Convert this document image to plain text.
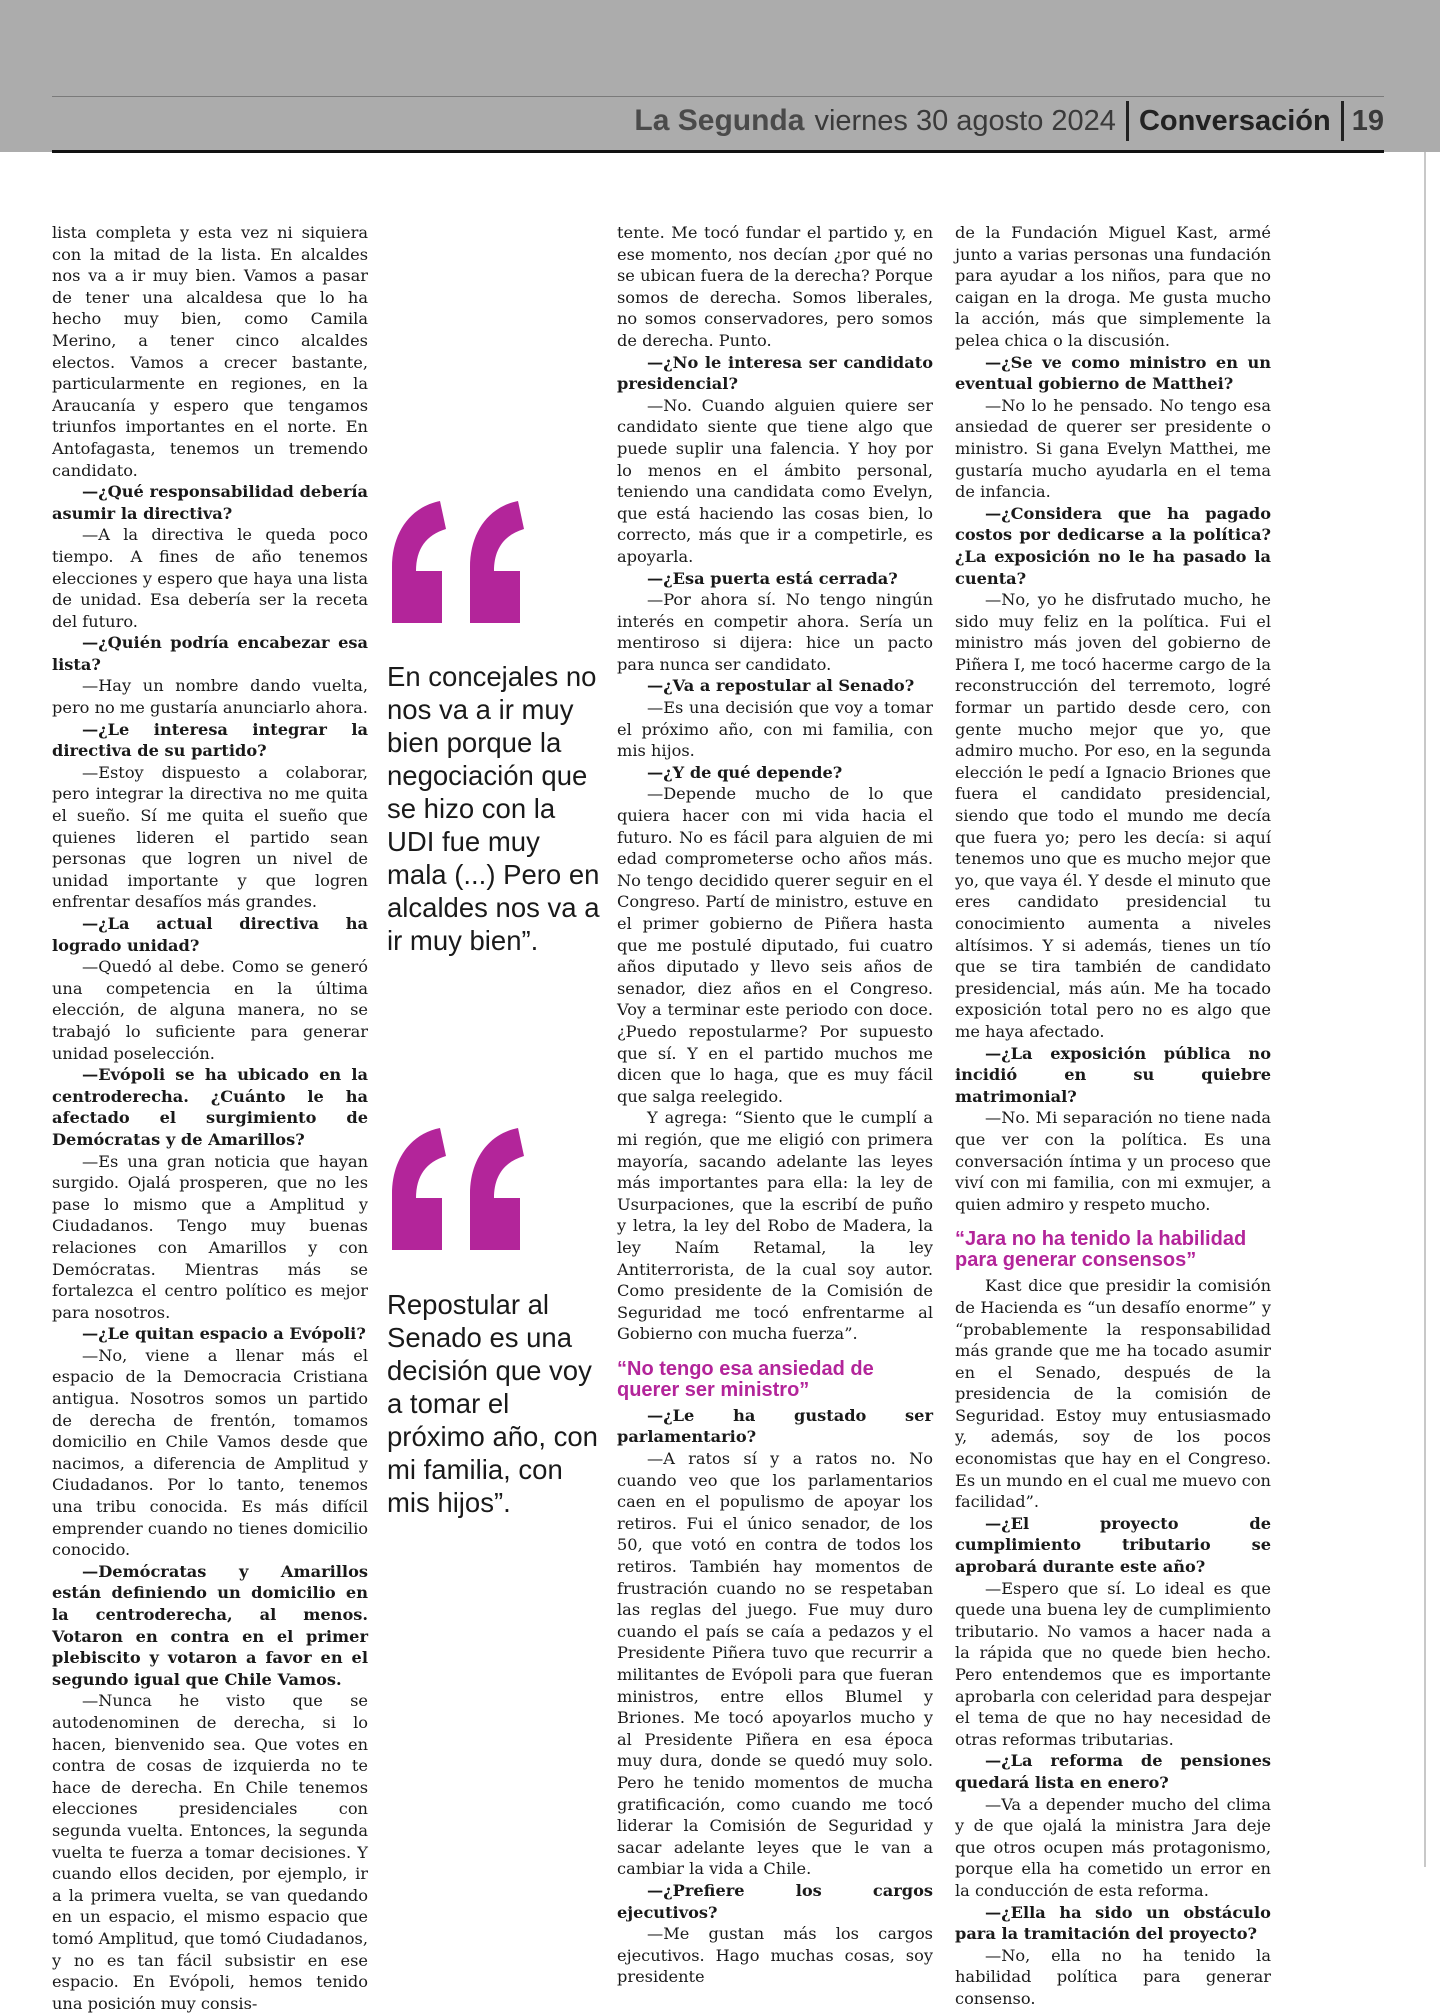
La Segunda viernes 30 agosto 2024 Conversación 19

lista completa y esta vez ni siquiera con la mitad de la lista. En alcaldes nos va a ir muy bien. Vamos a pasar de tener una alcaldesa que lo ha hecho muy bien, como Camila Merino, a tener cinco alcaldes electos. Vamos a crecer bastante, particularmente en regiones, en la Araucanía y espero que tengamos triunfos importantes en el norte. En Antofagasta, tenemos un tremendo candidato.

—¿Qué responsabilidad debería asumir la directiva?

—A la directiva le queda poco tiempo. A fines de año tenemos elecciones y espero que haya una lista de unidad. Esa debería ser la receta del futuro.

—¿Quién podría encabezar esa lista?

—Hay un nombre dando vuelta, pero no me gustaría anunciarlo ahora.

—¿Le interesa integrar la directiva de su partido?

—Estoy dispuesto a colaborar, pero integrar la directiva no me quita el sueño. Sí me quita el sueño que quienes lideren el partido sean personas que logren un nivel de unidad importante y que logren enfrentar desafíos más grandes.

—¿La actual directiva ha logrado unidad?

—Quedó al debe. Como se generó una competencia en la última elección, de alguna manera, no se trabajó lo suficiente para generar unidad poselección.

—Evópoli se ha ubicado en la centroderecha. ¿Cuánto le ha afectado el surgimiento de Demócratas y de Amarillos?

—Es una gran noticia que hayan surgido. Ojalá prosperen, que no les pase lo mismo que a Amplitud y Ciudadanos. Tengo muy buenas relaciones con Amarillos y con Demócratas. Mientras más se fortalezca el centro político es mejor para nosotros.

—¿Le quitan espacio a Evópoli?

—No, viene a llenar más el espacio de la Democracia Cristiana antigua. Nosotros somos un partido de derecha de frentón, tomamos domicilio en Chile Vamos desde que nacimos, a diferencia de Amplitud y Ciudadanos. Por lo tanto, tenemos una tribu conocida. Es más difícil emprender cuando no tienes domicilio conocido.

—Demócratas y Amarillos están definiendo un domicilio en la centroderecha, al menos. Votaron en contra en el primer plebiscito y votaron a favor en el segundo igual que Chile Vamos.

—Nunca he visto que se autodenominen de derecha, si lo hacen, bienvenido sea. Que votes en contra de cosas de izquierda no te hace de derecha. En Chile tenemos elecciones presidenciales con segunda vuelta. Entonces, la segunda vuelta te fuerza a tomar decisiones. Y cuando ellos deciden, por ejemplo, ir a la primera vuelta, se van quedando en un espacio, el mismo espacio que tomó Amplitud, que tomó Ciudadanos, y no es tan fácil subsistir en ese espacio. En Evópoli, hemos tenido una posición muy consis-

tente. Me tocó fundar el partido y, en ese momento, nos decían ¿por qué no se ubican fuera de la derecha? Porque somos de derecha. Somos liberales, no somos conservadores, pero somos de derecha. Punto.

—¿No le interesa ser candidato presidencial?

—No. Cuando alguien quiere ser candidato siente que tiene algo que puede suplir una falencia. Y hoy por lo menos en el ámbito personal, teniendo una candidata como Evelyn, que está haciendo las cosas bien, lo correcto, más que ir a competirle, es apoyarla.

—¿Esa puerta está cerrada?

—Por ahora sí. No tengo ningún interés en competir ahora. Sería un mentiroso si dijera: hice un pacto para nunca ser candidato.

—¿Va a repostular al Senado?

—Es una decisión que voy a tomar el próximo año, con mi familia, con mis hijos.

—¿Y de qué depende?

—Depende mucho de lo que quiera hacer con mi vida hacia el futuro. No es fácil para alguien de mi edad comprometerse ocho años más. No tengo decidido querer seguir en el Congreso. Partí de ministro, estuve en el primer gobierno de Piñera hasta que me postulé diputado, fui cuatro años diputado y llevo seis años de senador, diez años en el Congreso. Voy a terminar este periodo con doce. ¿Puedo repostularme? Por supuesto que sí. Y en el partido muchos me dicen que lo haga, que es muy fácil que salga reelegido.

Y agrega: “Siento que le cumplí a mi región, que me eligió con primera mayoría, sacando adelante las leyes más importantes para ella: la ley de Usurpaciones, que la escribí de puño y letra, la ley del Robo de Madera, la ley Naím Retamal, la ley Antiterrorista, de la cual soy autor. Como presidente de la Comisión de Seguridad me tocó enfrentarme al Gobierno con mucha fuerza”.

“No tengo esa ansiedad de querer ser ministro”

—¿Le ha gustado ser parlamentario?

—A ratos sí y a ratos no. No cuando veo que los parlamentarios caen en el populismo de apoyar los retiros. Fui el único senador, de los 50, que votó en contra de todos los retiros. También hay momentos de frustración cuando no se respetaban las reglas del juego. Fue muy duro cuando el país se caía a pedazos y el Presidente Piñera tuvo que recurrir a militantes de Evópoli para que fueran ministros, entre ellos Blumel y Briones. Me tocó apoyarlos mucho y al Presidente Piñera en esa época muy dura, donde se quedó muy solo. Pero he tenido momentos de mucha gratificación, como cuando me tocó liderar la Comisión de Seguridad y sacar adelante leyes que le van a cambiar la vida a Chile.

—¿Prefiere los cargos ejecutivos?

—Me gustan más los cargos ejecutivos. Hago muchas cosas, soy presidente

de la Fundación Miguel Kast, armé junto a varias personas una fundación para ayudar a los niños, para que no caigan en la droga. Me gusta mucho la acción, más que simplemente la pelea chica o la discusión.

—¿Se ve como ministro en un eventual gobierno de Matthei?

—No lo he pensado. No tengo esa ansiedad de querer ser presidente o ministro. Si gana Evelyn Matthei, me gustaría mucho ayudarla en el tema de infancia.

—¿Considera que ha pagado costos por dedicarse a la política? ¿La exposición no le ha pasado la cuenta?

—No, yo he disfrutado mucho, he sido muy feliz en la política. Fui el ministro más joven del gobierno de Piñera I, me tocó hacerme cargo de la reconstrucción del terremoto, logré formar un partido desde cero, con gente mucho mejor que yo, que admiro mucho. Por eso, en la segunda elección le pedí a Ignacio Briones que fuera el candidato presidencial, siendo que todo el mundo me decía que fuera yo; pero les decía: si aquí tenemos uno que es mucho mejor que yo, que vaya él. Y desde el minuto que eres candidato presidencial tu conocimiento aumenta a niveles altísimos. Y si además, tienes un tío que se tira también de candidato presidencial, más aún. Me ha tocado exposición total pero no es algo que me haya afectado.

—¿La exposición pública no incidió en su quiebre matrimonial?

—No. Mi separación no tiene nada que ver con la política. Es una conversación íntima y un proceso que viví con mi familia, con mi exmujer, a quien admiro y respeto mucho.

“Jara no ha tenido la habilidad para generar consensos”

Kast dice que presidir la comisión de Hacienda es “un desafío enorme” y “probablemente la responsabilidad más grande que me ha tocado asumir en el Senado, después de la presidencia de la comisión de Seguridad. Estoy muy entusiasmado y, además, soy de los pocos economistas que hay en el Congreso. Es un mundo en el cual me muevo con facilidad”.

—¿El proyecto de cumplimiento tributario se aprobará durante este año?

—Espero que sí. Lo ideal es que quede una buena ley de cumplimiento tributario. No vamos a hacer nada a la rápida que no quede bien hecho. Pero entendemos que es importante aprobarla con celeridad para despejar el tema de que no hay necesidad de otras reformas tributarias.

—¿La reforma de pensiones quedará lista en enero?

—Va a depender mucho del clima y de que ojalá la ministra Jara deje que otros ocupen más protagonismo, porque ella ha cometido un error en la conducción de esta reforma.

—¿Ella ha sido un obstáculo para la tramitación del proyecto?

—No, ella no ha tenido la habilidad política para generar consenso.

En concejales no nos va a ir muy bien porque la negociación que se hizo con la UDI fue muy mala (...) Pero en alcaldes nos va a ir muy bien”.
Repostular al Senado es una decisión que voy a tomar el próximo año, con mi familia, con mis hijos”.
